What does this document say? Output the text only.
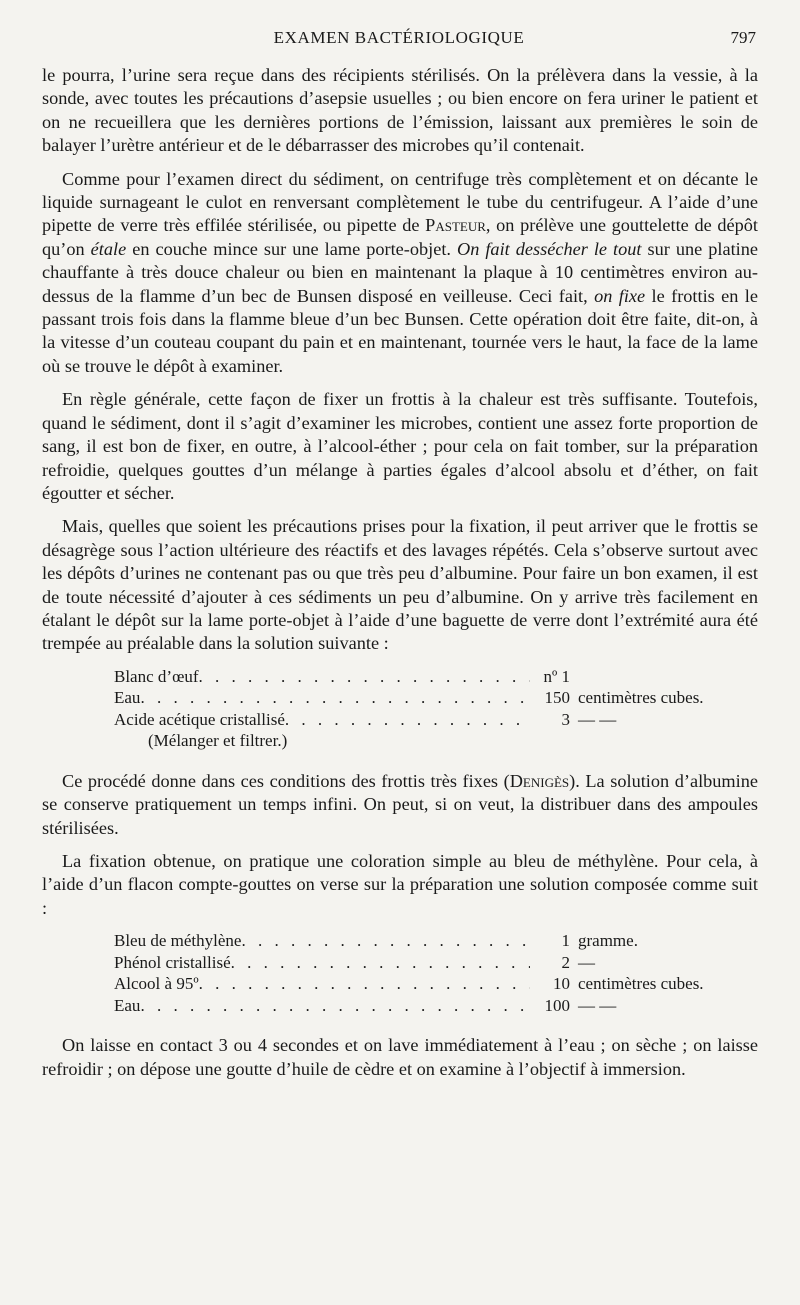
EXAMEN BACTÉRIOLOGIQUE	797

le pourra, l’urine sera reçue dans des récipients stérilisés. On la prélèvera dans la vessie, à la sonde, avec toutes les précautions d’asepsie usuelles ; ou bien encore on fera uriner le patient et on ne recueillera que les dernières portions de l’émission, laissant aux premières le soin de balayer l’urètre antérieur et de le débarrasser des microbes qu’il contenait.

Comme pour l’examen direct du sédiment, on centrifuge très complètement et on décante le liquide surnageant le culot en renversant complètement le tube du centrifugeur. A l’aide d’une pipette de verre très effilée stérilisée, ou pipette de Pasteur, on prélève une gouttelette de dépôt qu’on étale en couche mince sur une lame porte-objet. On fait dessécher le tout sur une platine chauffante à très douce chaleur ou bien en maintenant la plaque à 10 centimètres environ au-dessus de la flamme d’un bec de Bunsen disposé en veilleuse. Ceci fait, on fixe le frottis en le passant trois fois dans la flamme bleue d’un bec Bunsen. Cette opération doit être faite, dit-on, à la vitesse d’un couteau coupant du pain et en maintenant, tournée vers le haut, la face de la lame où se trouve le dépôt à examiner.

En règle générale, cette façon de fixer un frottis à la chaleur est très suffisante. Toutefois, quand le sédiment, dont il s’agit d’examiner les microbes, contient une assez forte proportion de sang, il est bon de fixer, en outre, à l’alcool-éther ; pour cela on fait tomber, sur la préparation refroidie, quelques gouttes d’un mélange à parties égales d’alcool absolu et d’éther, on fait égoutter et sécher.

Mais, quelles que soient les précautions prises pour la fixation, il peut arriver que le frottis se désagrège sous l’action ultérieure des réactifs et des lavages répétés. Cela s’observe surtout avec les dépôts d’urines ne contenant pas ou que très peu d’albumine. Pour faire un bon examen, il est de toute nécessité d’ajouter à ces sédiments un peu d’albumine. On y arrive très facilement en étalant le dépôt sur la lame porte-objet à l’aide d’une baguette de verre dont l’extrémité aura été trempée au préalable dans la solution suivante :

Blanc d’œuf . . .	nº 1
Eau . . .	150 centimètres cubes.
Acide acétique cristallisé . . .	3 — —
(Mélanger et filtrer.)

Ce procédé donne dans ces conditions des frottis très fixes (Denigès). La solution d’albumine se conserve pratiquement un temps infini. On peut, si on veut, la distribuer dans des ampoules stérilisées.

La fixation obtenue, on pratique une coloration simple au bleu de méthylène. Pour cela, à l’aide d’un flacon compte-gouttes on verse sur la préparation une solution composée comme suit :

Bleu de méthylène . . .	1 gramme.
Phénol cristallisé . . .	2 —
Alcool à 95º . . .	10 centimètres cubes.
Eau . . .	100 — —

On laisse en contact 3 ou 4 secondes et on lave immédiatement à l’eau ; on sèche ; on laisse refroidir ; on dépose une goutte d’huile de cèdre et on examine à l’objectif à immersion.
